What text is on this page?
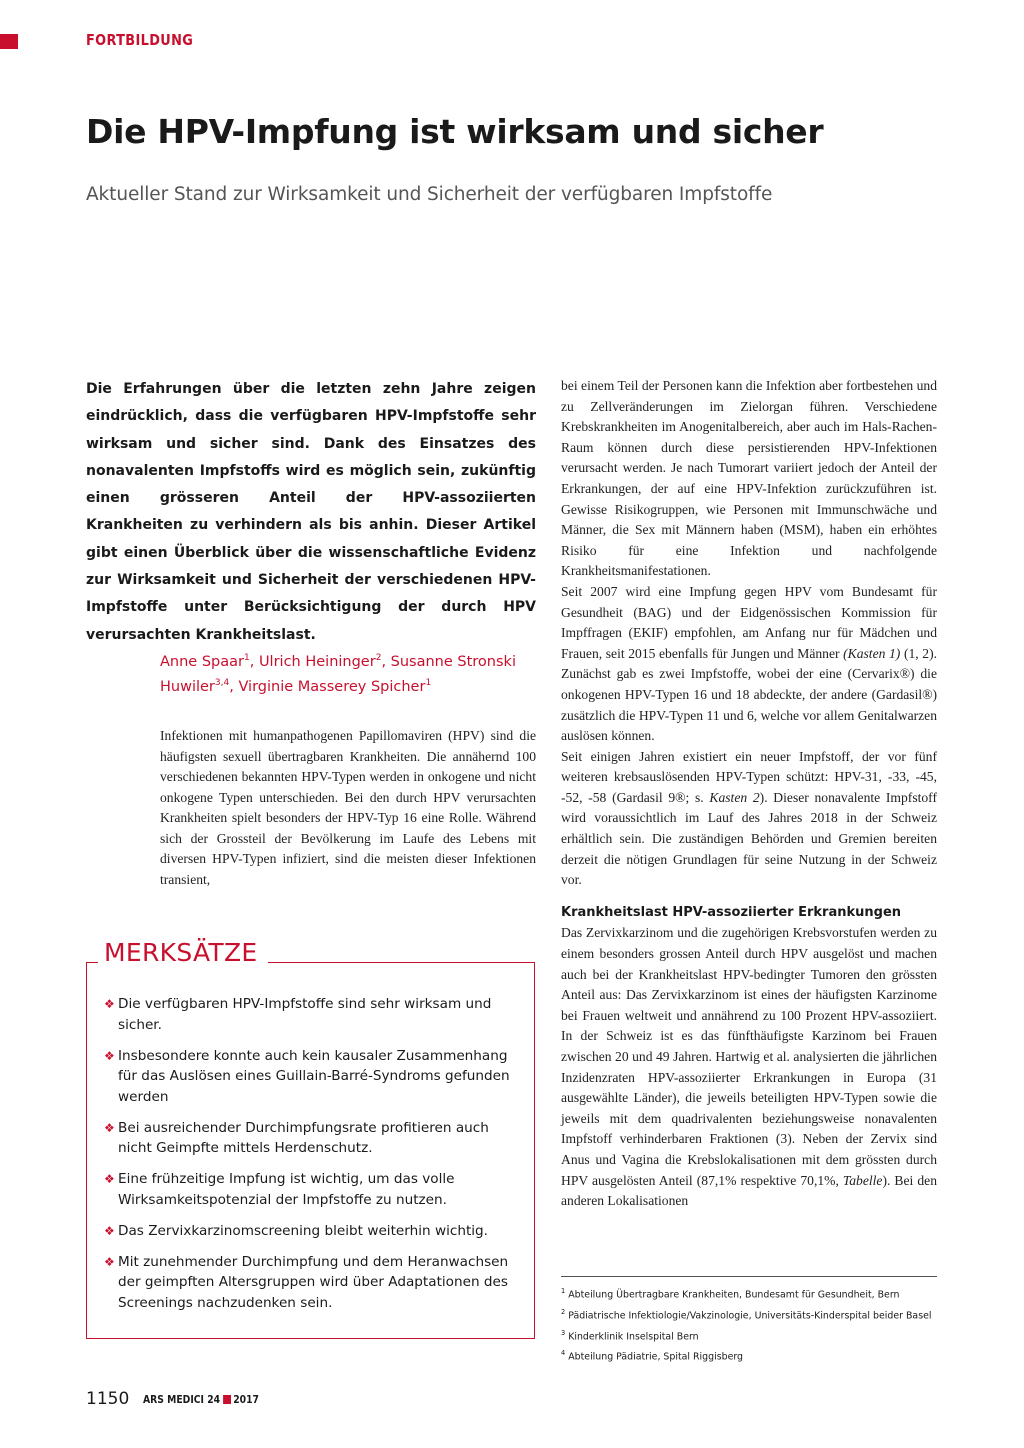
FORTBILDUNG
Die HPV-Impfung ist wirksam und sicher
Aktueller Stand zur Wirksamkeit und Sicherheit der verfügbaren Impfstoffe

Die Erfahrungen über die letzten zehn Jahre zeigen eindrücklich, dass die verfügbaren HPV-Impfstoffe sehr wirksam und sicher sind. Dank des Einsatzes des nonavalenten Impfstoffs wird es möglich sein, zukünftig einen grösseren Anteil der HPV-assoziierten Krankheiten zu verhindern als bis anhin. Dieser Artikel gibt einen Überblick über die wissenschaftliche Evidenz zur Wirksamkeit und Sicherheit der verschiedenen HPV-Impfstoffe unter Berücksichtigung der durch HPV verursachten Krankheitslast.

Anne Spaar$^1$, Ulrich Heininger$^2$, Susanne Stronski Huwiler$^{3,4}$, Virginie Masserey Spicher$^1$

Infektionen mit humanpathogenen Papillomaviren (HPV) sind die häufigsten sexuell übertragbaren Krankheiten. Die annähernd 100 verschiedenen bekannten HPV-Typen werden in onkogene und nicht onkogene Typen unterschieden. Bei den durch HPV verursachten Krankheiten spielt besonders der HPV-Typ 16 eine Rolle. Während sich der Grossteil der Bevölkerung im Laufe des Lebens mit diversen HPV-Typen infiziert, sind die meisten dieser Infektionen transient,

MERKSÄTZE
❖ Die verfügbaren HPV-Impfstoffe sind sehr wirksam und sicher.
❖ Insbesondere konnte auch kein kausaler Zusammenhang für das Auslösen eines Guillain-Barré-Syndroms gefunden werden
❖ Bei ausreichender Durchimpfungsrate profitieren auch nicht Geimpfte mittels Herdenschutz.
❖ Eine frühzeitige Impfung ist wichtig, um das volle Wirksamkeitspotenzial der Impfstoffe zu nutzen.
❖ Das Zervixkarzinomscreening bleibt weiterhin wichtig.
❖ Mit zunehmender Durchimpfung und dem Heranwachsen der geimpften Altersgruppen wird über Adaptationen des Screenings nachzudenken sein.

bei einem Teil der Personen kann die Infektion aber fortbestehen und zu Zellveränderungen im Zielorgan führen. Verschiedene Krebskrankheiten im Anogenitalbereich, aber auch im Hals-Rachen-Raum können durch diese persistierenden HPV-Infektionen verursacht werden. Je nach Tumorart variiert jedoch der Anteil der Erkrankungen, der auf eine HPV-Infektion zurückzuführen ist. Gewisse Risikogruppen, wie Personen mit Immunschwäche und Männer, die Sex mit Männern haben (MSM), haben ein erhöhtes Risiko für eine Infektion und nachfolgende Krankheitsmanifestationen.

Seit 2007 wird eine Impfung gegen HPV vom Bundesamt für Gesundheit (BAG) und der Eidgenössischen Kommission für Impffragen (EKIF) empfohlen, am Anfang nur für Mädchen und Frauen, seit 2015 ebenfalls für Jungen und Männer (Kasten 1) (1, 2). Zunächst gab es zwei Impfstoffe, wobei der eine (Cervarix®) die onkogenen HPV-Typen 16 und 18 abdeckte, der andere (Gardasil®) zusätzlich die HPV-Typen 11 und 6, welche vor allem Genitalwarzen auslösen können.

Seit einigen Jahren existiert ein neuer Impfstoff, der vor fünf weiteren krebsauslösenden HPV-Typen schützt: HPV-31, -33, -45, -52, -58 (Gardasil 9®; s. Kasten 2). Dieser nonavalente Impfstoff wird voraussichtlich im Lauf des Jahres 2018 in der Schweiz erhältlich sein. Die zuständigen Behörden und Gremien bereiten derzeit die nötigen Grundlagen für seine Nutzung in der Schweiz vor.

Krankheitslast HPV-assoziierter Erkrankungen

Das Zervixkarzinom und die zugehörigen Krebsvorstufen werden zu einem besonders grossen Anteil durch HPV ausgelöst und machen auch bei der Krankheitslast HPV-bedingter Tumoren den grössten Anteil aus: Das Zervixkarzinom ist eines der häufigsten Karzinome bei Frauen weltweit und annährend zu 100 Prozent HPV-assoziiert. In der Schweiz ist es das fünfthäufigste Karzinom bei Frauen zwischen 20 und 49 Jahren. Hartwig et al. analysierten die jährlichen Inzidenzraten HPV-assoziierter Erkrankungen in Europa (31 ausgewählte Länder), die jeweils beteiligten HPV-Typen sowie die jeweils mit dem quadrivalenten beziehungsweise nonavalenten Impfstoff verhinderbaren Fraktionen (3). Neben der Zervix sind Anus und Vagina die Krebslokalisationen mit dem grössten durch HPV ausgelösten Anteil (87,1% respektive 70,1%, Tabelle). Bei den anderen Lokalisationen

$^1$ Abteilung Übertragbare Krankheiten, Bundesamt für Gesundheit, Bern
$^2$ Pädiatrische Infektiologie/Vakzinologie, Universitäts-Kinderspital beider Basel
$^3$ Kinderklinik Inselspital Bern
$^4$ Abteilung Pädiatrie, Spital Riggisberg
1150 ARS MEDICI 24 2017
